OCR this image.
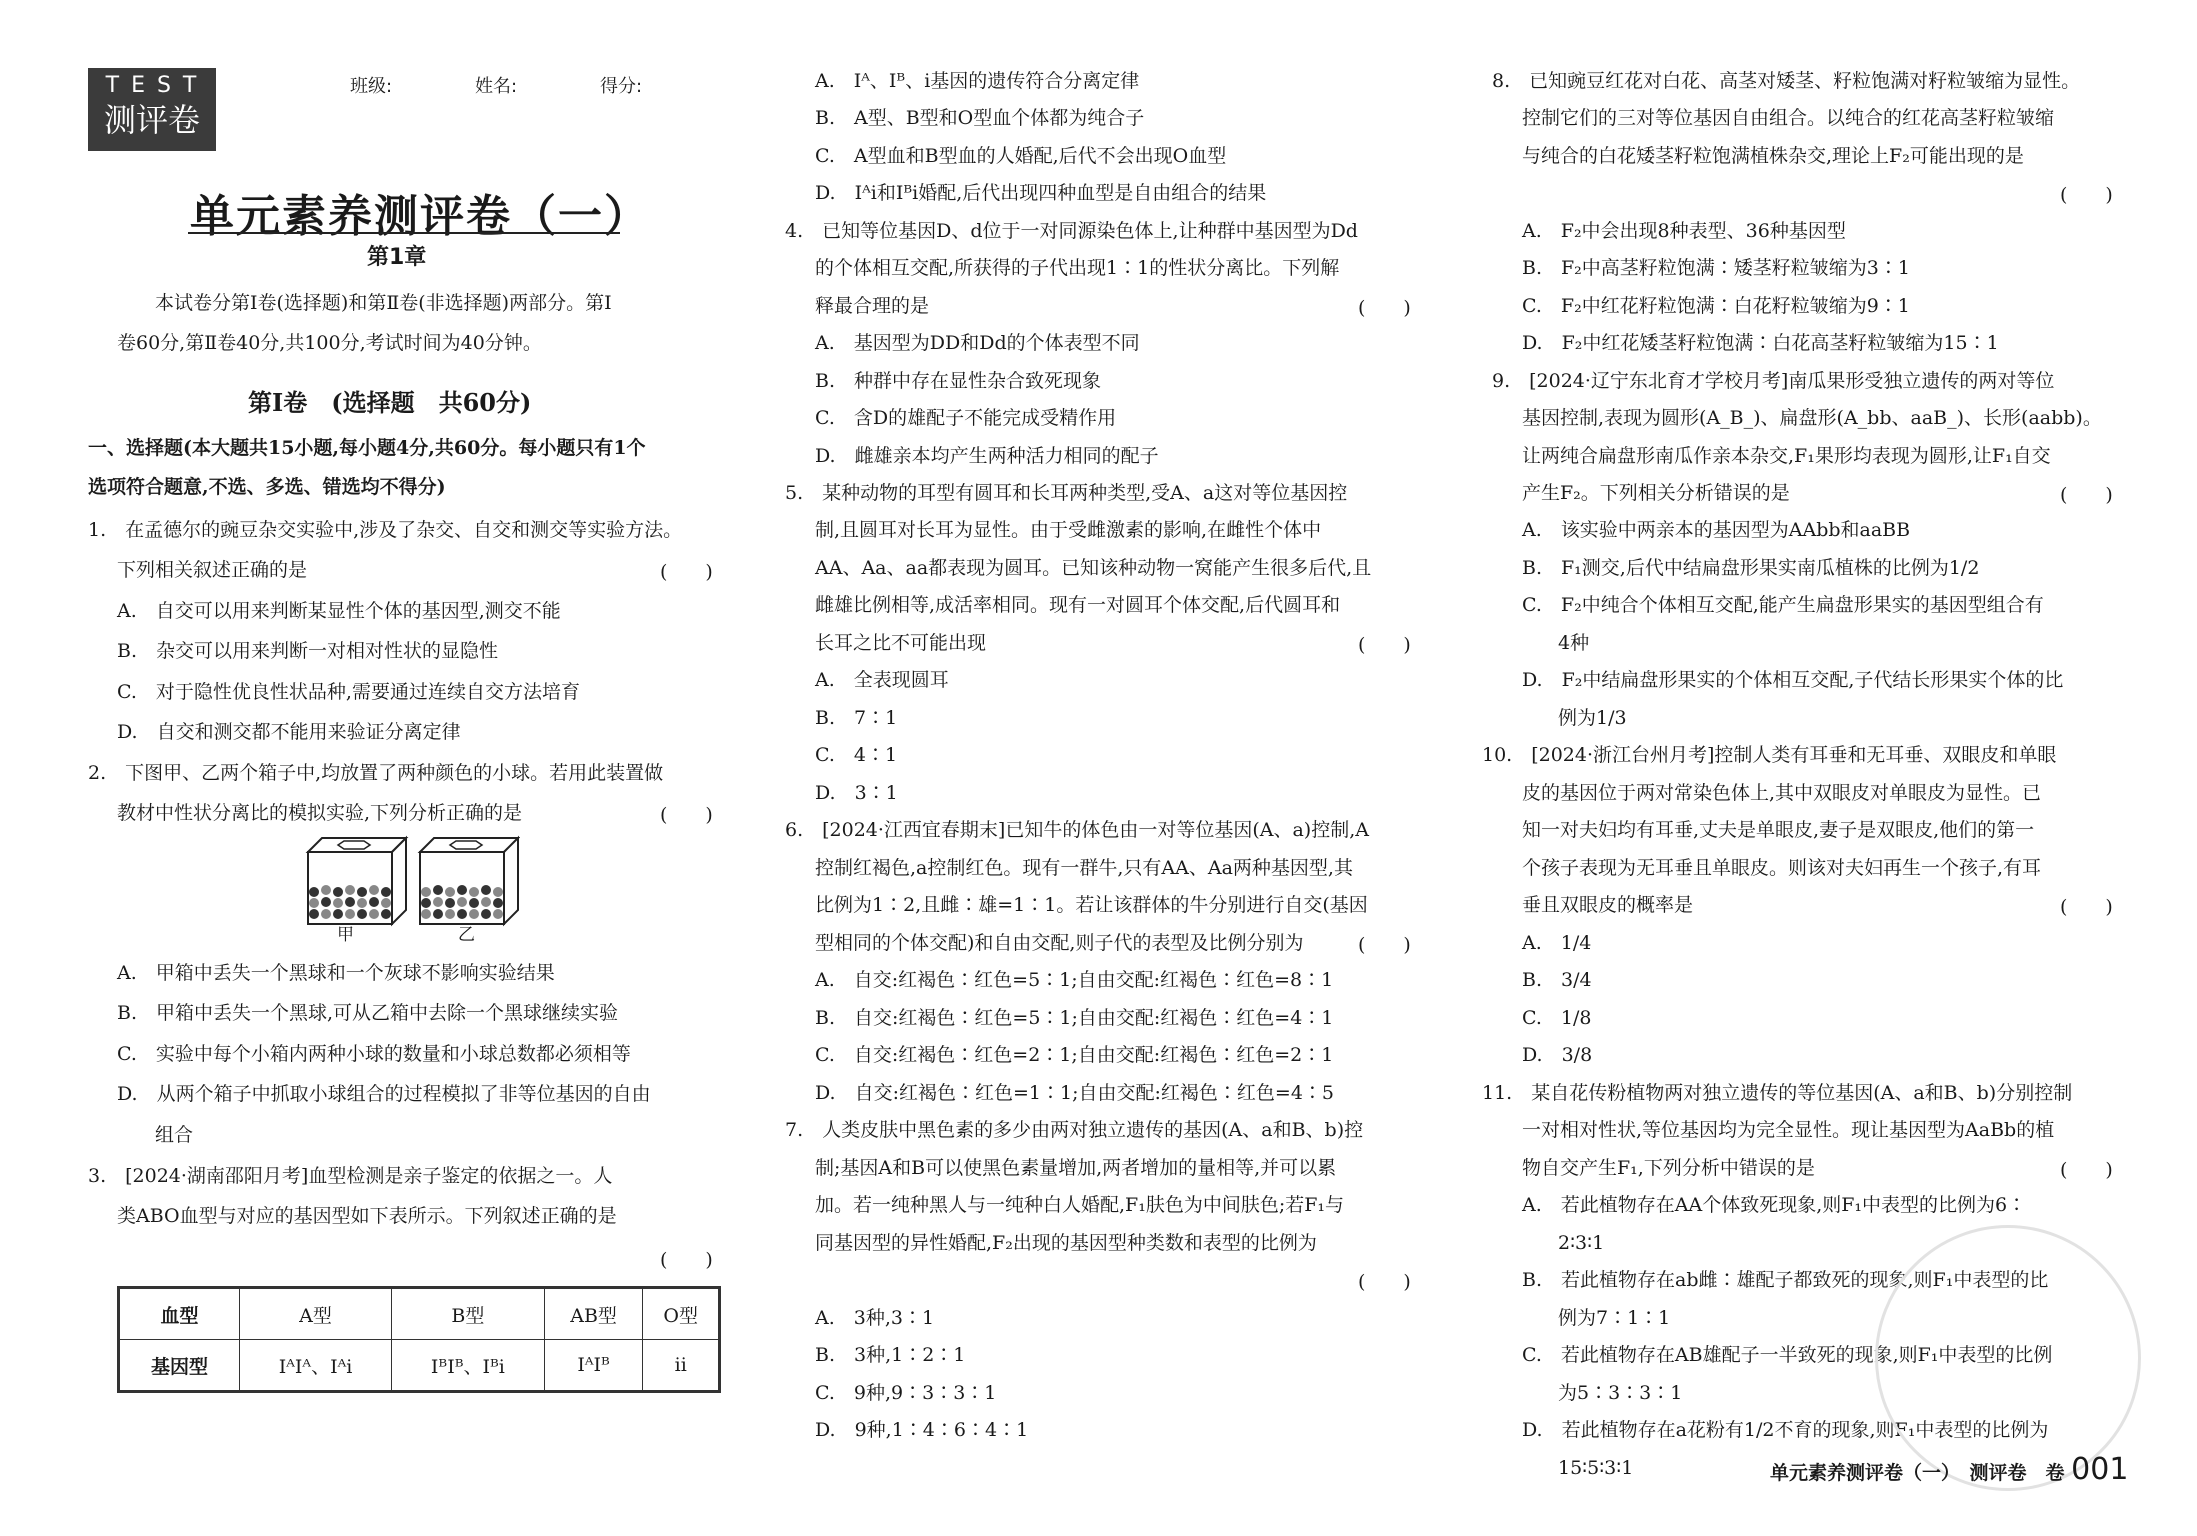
TEST
测评卷
班级:	姓名:	得分:
单元素养测评卷（一）
第1章
本试卷分第Ⅰ卷(选择题)和第Ⅱ卷(非选择题)两部分。第Ⅰ
卷60分,第Ⅱ卷40分,共100分,考试时间为40分钟。
第Ⅰ卷　(选择题　共60分)
一、选择题(本大题共15小题,每小题4分,共60分。每小题只有1个
选项符合题意,不选、多选、错选均不得分)
1.　在孟德尔的豌豆杂交实验中,涉及了杂交、自交和测交等实验方法。
下列相关叙述正确的是	(　　)
A.　自交可以用来判断某显性个体的基因型,测交不能
B.　杂交可以用来判断一对相对性状的显隐性
C.　对于隐性优良性状品种,需要通过连续自交方法培育
D.　自交和测交都不能用来验证分离定律
2.　下图甲、乙两个箱子中,均放置了两种颜色的小球。若用此装置做
教材中性状分离比的模拟实验,下列分析正确的是	(　　)
甲	乙
A.　甲箱中丢失一个黑球和一个灰球不影响实验结果
B.　甲箱中丢失一个黑球,可从乙箱中去除一个黑球继续实验
C.　实验中每个小箱内两种小球的数量和小球总数都必须相等
D.　从两个箱子中抓取小球组合的过程模拟了非等位基因的自由
组合
3.　[2024·湖南邵阳月考]血型检测是亲子鉴定的依据之一。人
类ABO血型与对应的基因型如下表所示。下列叙述正确的是
(　　)
血型	A型	B型	AB型	O型
基因型	IᴬIᴬ、Iᴬi	IᴮIᴮ、Iᴮi	IᴬIᴮ	ii
A.　Iᴬ、Iᴮ、i基因的遗传符合分离定律
B.　A型、B型和O型血个体都为纯合子
C.　A型血和B型血的人婚配,后代不会出现O血型
D.　Iᴬi和Iᴮi婚配,后代出现四种血型是自由组合的结果
4.　已知等位基因D、d位于一对同源染色体上,让种群中基因型为Dd
的个体相互交配,所获得的子代出现1∶1的性状分离比。下列解
释最合理的是	(　　)
A.　基因型为DD和Dd的个体表型不同
B.　种群中存在显性杂合致死现象
C.　含D的雄配子不能完成受精作用
D.　雌雄亲本均产生两种活力相同的配子
5.　某种动物的耳型有圆耳和长耳两种类型,受A、a这对等位基因控
制,且圆耳对长耳为显性。由于受雌激素的影响,在雌性个体中
AA、Aa、aa都表现为圆耳。已知该种动物一窝能产生很多后代,且
雌雄比例相等,成活率相同。现有一对圆耳个体交配,后代圆耳和
长耳之比不可能出现	(　　)
A.　全表现圆耳
B.　7∶1
C.　4∶1
D.　3∶1
6.　[2024·江西宜春期末]已知牛的体色由一对等位基因(A、a)控制,A
控制红褐色,a控制红色。现有一群牛,只有AA、Aa两种基因型,其
比例为1∶2,且雌∶雄=1∶1。若让该群体的牛分别进行自交(基因
型相同的个体交配)和自由交配,则子代的表型及比例分别为	(　　)
A.　自交:红褐色∶红色=5∶1;自由交配:红褐色∶红色=8∶1
B.　自交:红褐色∶红色=5∶1;自由交配:红褐色∶红色=4∶1
C.　自交:红褐色∶红色=2∶1;自由交配:红褐色∶红色=2∶1
D.　自交:红褐色∶红色=1∶1;自由交配:红褐色∶红色=4∶5
7.　人类皮肤中黑色素的多少由两对独立遗传的基因(A、a和B、b)控
制;基因A和B可以使黑色素量增加,两者增加的量相等,并可以累
加。若一纯种黑人与一纯种白人婚配,F₁肤色为中间肤色;若F₁与
同基因型的异性婚配,F₂出现的基因型种类数和表型的比例为
(　　)
A.　3种,3∶1
B.　3种,1∶2∶1
C.　9种,9∶3∶3∶1
D.　9种,1∶4∶6∶4∶1
8.　已知豌豆红花对白花、高茎对矮茎、籽粒饱满对籽粒皱缩为显性。
控制它们的三对等位基因自由组合。以纯合的红花高茎籽粒皱缩
与纯合的白花矮茎籽粒饱满植株杂交,理论上F₂可能出现的是
(　　)
A.　F₂中会出现8种表型、36种基因型
B.　F₂中高茎籽粒饱满∶矮茎籽粒皱缩为3∶1
C.　F₂中红花籽粒饱满∶白花籽粒皱缩为9∶1
D.　F₂中红花矮茎籽粒饱满∶白花高茎籽粒皱缩为15∶1
9.　[2024·辽宁东北育才学校月考]南瓜果形受独立遗传的两对等位
基因控制,表现为圆形(A_B_)、扁盘形(A_bb、aaB_)、长形(aabb)。
让两纯合扁盘形南瓜作亲本杂交,F₁果形均表现为圆形,让F₁自交
产生F₂。下列相关分析错误的是	(　　)
A.　该实验中两亲本的基因型为AAbb和aaBB
B.　F₁测交,后代中结扁盘形果实南瓜植株的比例为1/2
C.　F₂中纯合个体相互交配,能产生扁盘形果实的基因型组合有
4种
D.　F₂中结扁盘形果实的个体相互交配,子代结长形果实个体的比
例为1/3
10.　[2024·浙江台州月考]控制人类有耳垂和无耳垂、双眼皮和单眼
皮的基因位于两对常染色体上,其中双眼皮对单眼皮为显性。已
知一对夫妇均有耳垂,丈夫是单眼皮,妻子是双眼皮,他们的第一
个孩子表现为无耳垂且单眼皮。则该对夫妇再生一个孩子,有耳
垂且双眼皮的概率是	(　　)
A.　1/4
B.　3/4
C.　1/8
D.　3/8
11.　某自花传粉植物两对独立遗传的等位基因(A、a和B、b)分别控制
一对相对性状,等位基因均为完全显性。现让基因型为AaBb的植
物自交产生F₁,下列分析中错误的是	(　　)
A.　若此植物存在AA个体致死现象,则F₁中表型的比例为6∶
2∶3∶1
B.　若此植物存在ab雌∶雄配子都致死的现象,则F₁中表型的比
例为7∶1∶1
C.　若此植物存在AB雄配子一半致死的现象,则F₁中表型的比例
为5∶3∶3∶1
D.　若此植物存在a花粉有1/2不育的现象,则F₁中表型的比例为
15∶5∶3∶1	单元素养测评卷（一）　测评卷　卷 001
